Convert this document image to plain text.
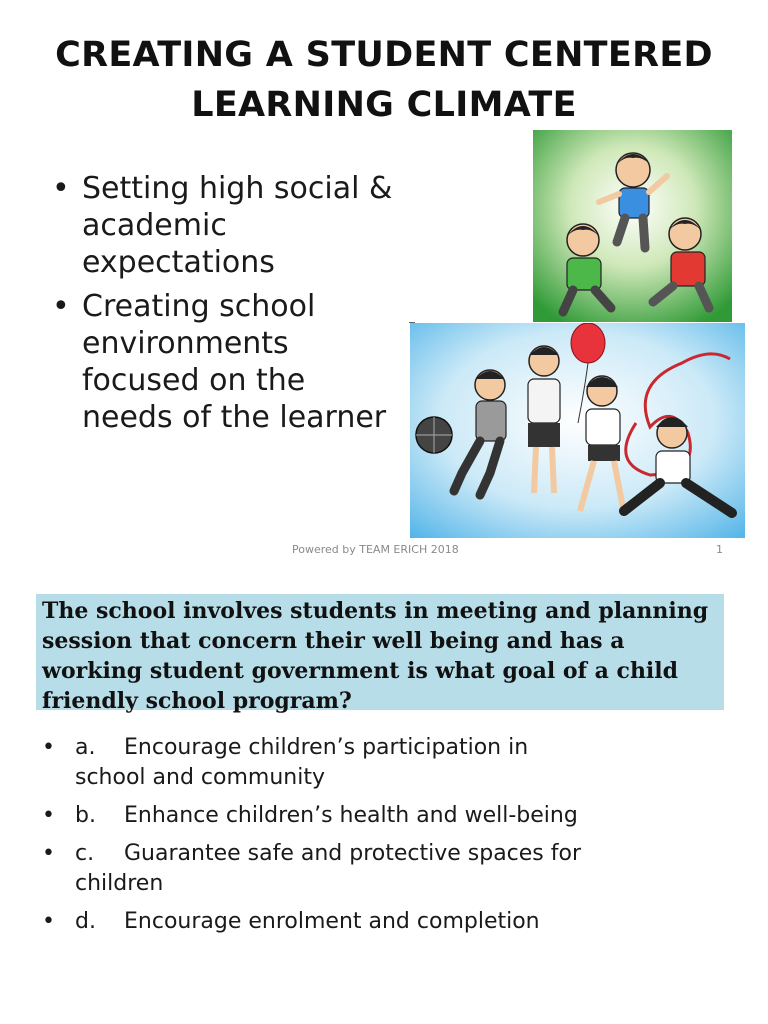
CREATING A STUDENT CENTERED
LEARNING CLIMATE
• Setting high social & academic expectations
• Creating school environments focused on the needs of the learner
Powered by TEAM ERICH 2018	1

The school involves students in meeting and planning session that concern their well being and has a working student government is what goal of a child friendly school program?

• a. Encourage children’s participation in school and community
• b. Enhance children’s health and well-being
• c. Guarantee safe and protective spaces for children
• d. Encourage enrolment and completion
